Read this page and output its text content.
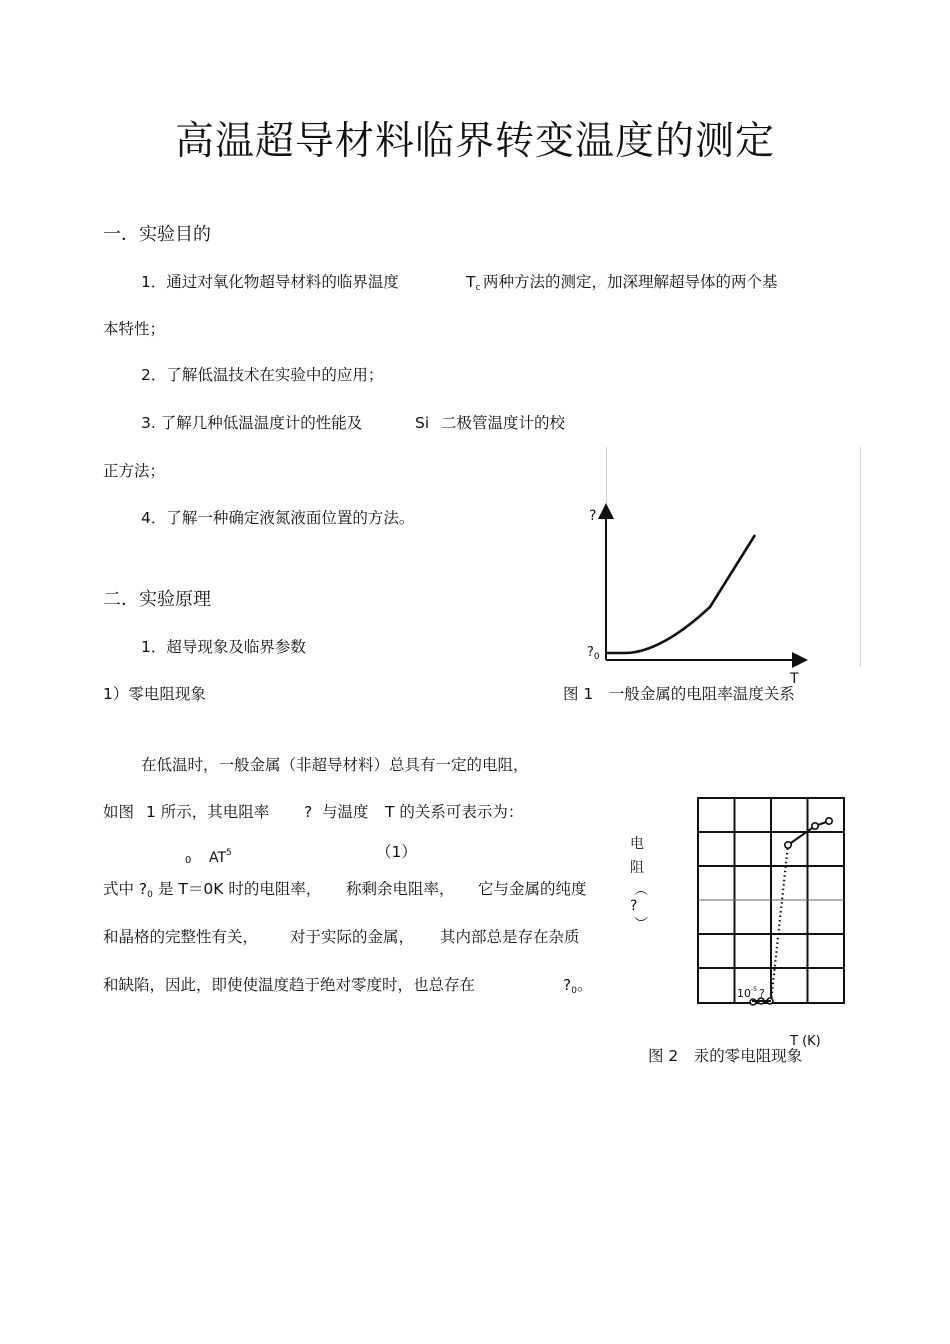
高温超导材料临界转变温度的测定
一．实验目的
1．通过对氧化物超导材料的临界温度	$T_c$ 两种方法的测定，加深理解超导体的两个基
本特性；
2．了解低温技术在实验中的应用；
3. 了解几种低温温度计的性能及	Si 二极管温度计的校
正方法；
4．了解一种确定液氮液面位置的方法。
二．实验原理
1．超导现象及临界参数
1）零电阻现象
在低温时，一般金属（非超导材料）总具有一定的电阻，
如图 1 所示，其电阻率 ? 与温度 T 的关系可表示为：
0 $AT^5$	（1）
式中 $?_0$ 是 T＝0K 时的电阻率， 称剩余电阻率， 它与金属的纯度
和晶格的完整性有关， 对于实际的金属， 其内部总是存在杂质
和缺陷，因此，即使使温度趋于绝对零度时，也总存在	$?_0$。
?
$?_0$
T
图 1　一般金属的电阻率温度关系
电
阻
（
?
）
$10^{-5}$ ?
T (K)
图 2　汞的零电阻现象
